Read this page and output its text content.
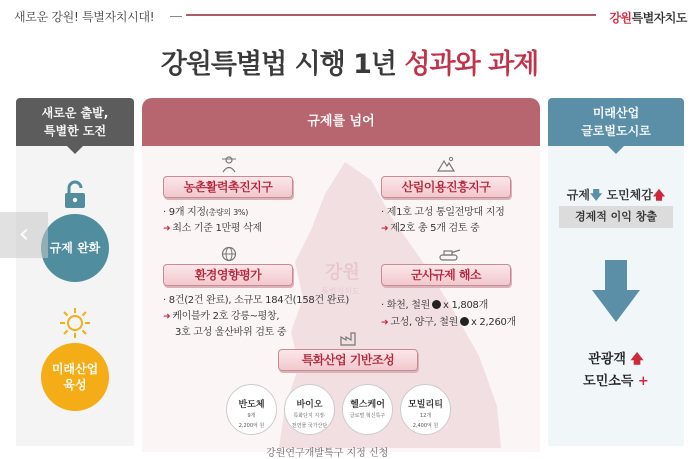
새로운 강원! 특별자치시대!	강원특별자치도
강원특별법 시행 1년 성과와 과제
새로운 출발,
특별한 도전
규제를 넘어
미래산업
글로벌도시로
강원
특별자치도
규제 완화
미래산업
육성
‹
농촌활력촉진지구
· 9개 지정(총량의 3%)
➜ 최소 기준 1만평 삭제
산림이용진흥지구
· 제1호 고성 통일전망대 지정
➜ 제2호 총 5개 검토 중
환경영향평가
· 8건(2건 완료), 소규모 184건(158건 완료)
➜ 케이블카 2호 강릉~평창,
3호 고성 울산바위 검토 중
군사규제 해소
· 화천, 철원 x 1,808개
➜ 고성, 양구, 철원 x 2,260개
특화산업 기반조성
반도체
9개
2,200억 원
바이오
특화단지 지정·
천연물 국가산단
헬스케어
글로벌 혁신특구
모빌리티
12개
2,400억 원
강원연구개발특구 지정 신청
규제🡇 도민체감🡅
경제적 이익 창출
관광객 🡅
도민소득 +
